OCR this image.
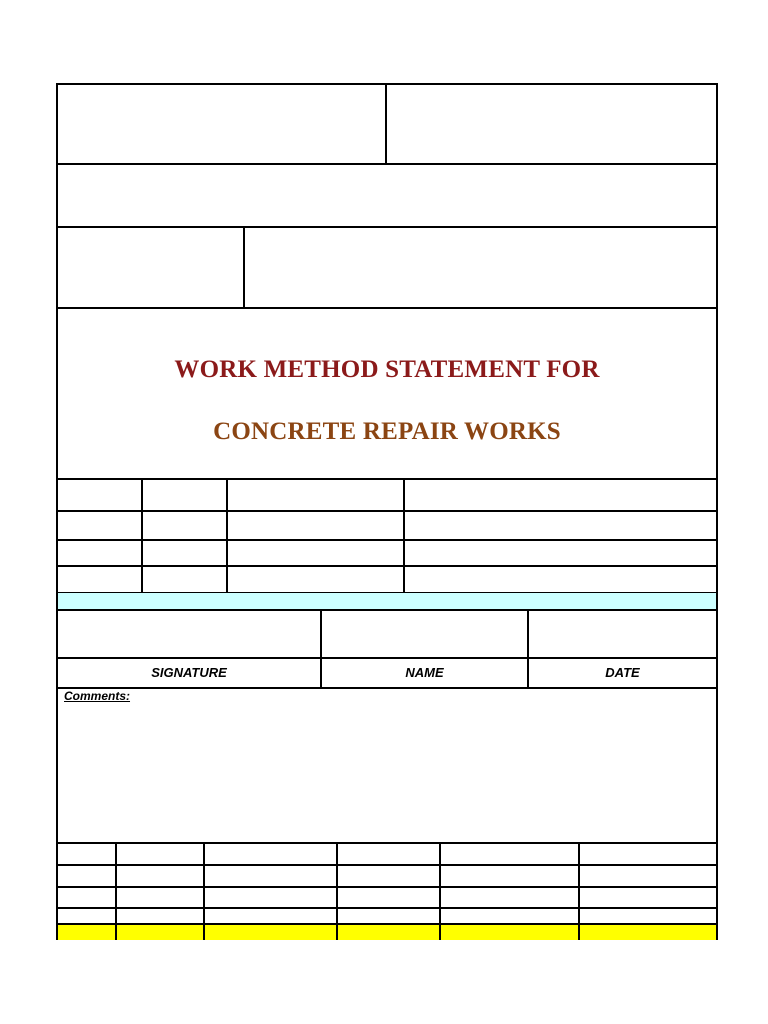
WORK METHOD STATEMENT FOR
CONCRETE REPAIR WORKS
SIGNATURE	NAME	DATE
Comments:
